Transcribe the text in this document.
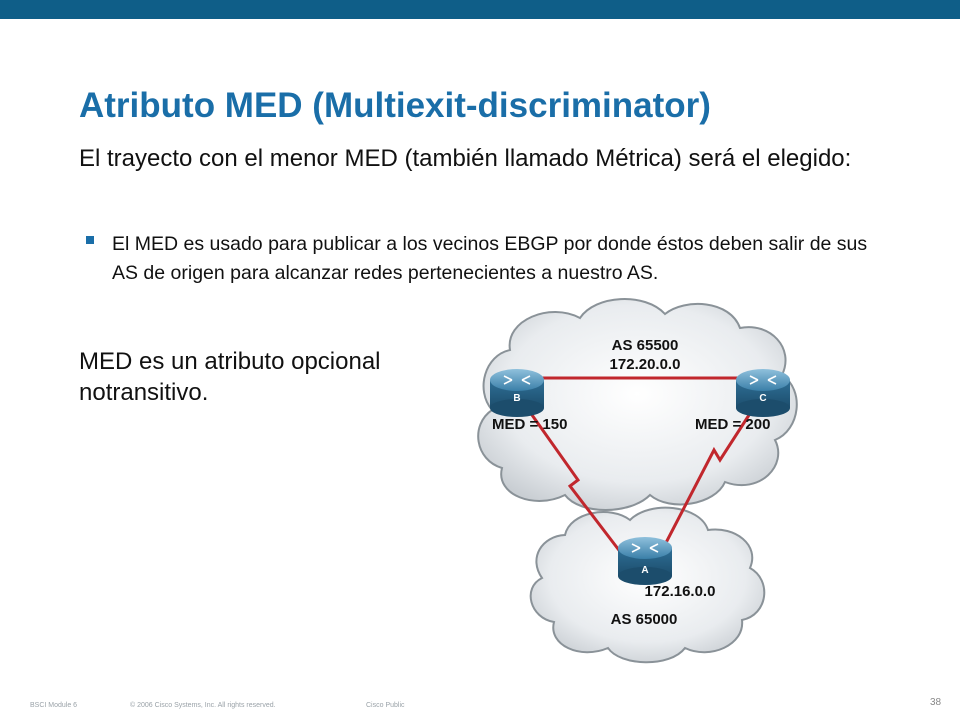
Atributo MED (Multiexit-discriminator)
El trayecto con el menor MED (también llamado Métrica) será el elegido:
El MED es usado para publicar a los vecinos EBGP por donde éstos deben salir de sus AS de origen para alcanzar redes pertenecientes a nuestro AS.
MED es un atributo opcional notransitivo.	B	C
A
AS 65500
172.20.0.0
MED = 150	MED = 200
172.16.0.0
AS 65000
BSCI Module 6	© 2006 Cisco Systems, Inc. All rights reserved.	Cisco Public	38
